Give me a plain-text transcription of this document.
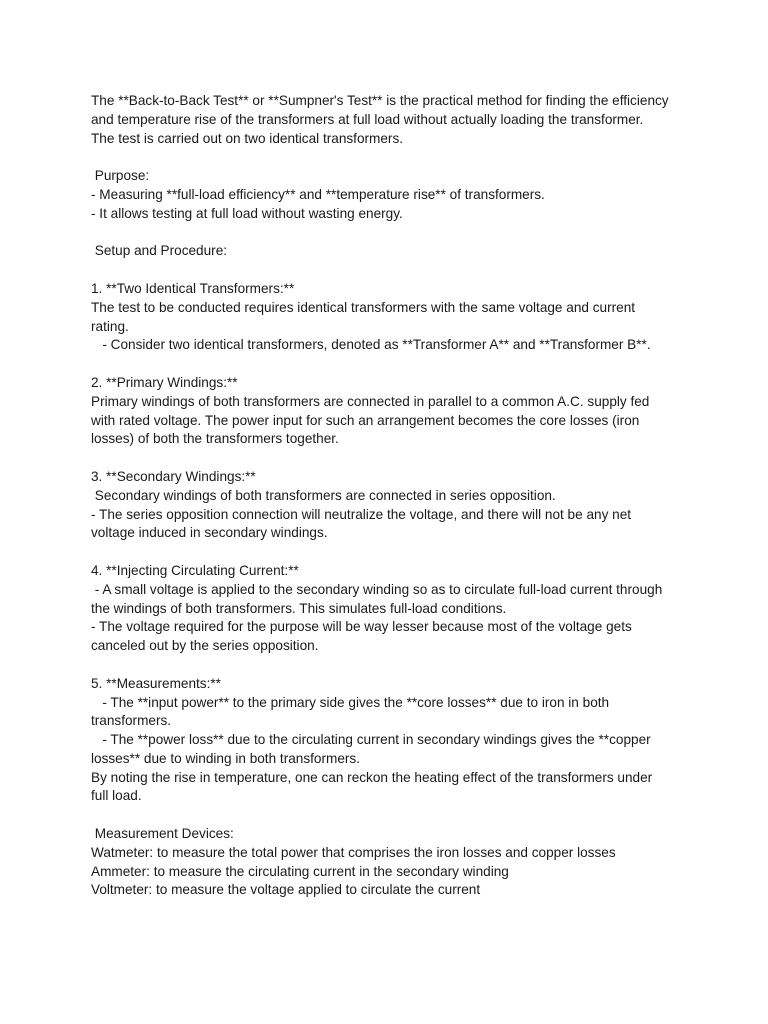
The **Back-to-Back Test** or **Sumpner's Test** is the practical method for finding the efficiency
and temperature rise of the transformers at full load without actually loading the transformer.
The test is carried out on two identical transformers.
Purpose:
- Measuring **full-load efficiency** and **temperature rise** of transformers.
- It allows testing at full load without wasting energy.
Setup and Procedure:
1. **Two Identical Transformers:**
The test to be conducted requires identical transformers with the same voltage and current
rating.
- Consider two identical transformers, denoted as **Transformer A** and **Transformer B**.
2. **Primary Windings:**
Primary windings of both transformers are connected in parallel to a common A.C. supply fed
with rated voltage. The power input for such an arrangement becomes the core losses (iron
losses) of both the transformers together.
3. **Secondary Windings:**
Secondary windings of both transformers are connected in series opposition.
- The series opposition connection will neutralize the voltage, and there will not be any net
voltage induced in secondary windings.
4. **Injecting Circulating Current:**
- A small voltage is applied to the secondary winding so as to circulate full-load current through
the windings of both transformers. This simulates full-load conditions.
- The voltage required for the purpose will be way lesser because most of the voltage gets
canceled out by the series opposition.
5. **Measurements:**
- The **input power** to the primary side gives the **core losses** due to iron in both
transformers.
- The **power loss** due to the circulating current in secondary windings gives the **copper
losses** due to winding in both transformers.
By noting the rise in temperature, one can reckon the heating effect of the transformers under
full load.
Measurement Devices:
Watmeter: to measure the total power that comprises the iron losses and copper losses
Ammeter: to measure the circulating current in the secondary winding
Voltmeter: to measure the voltage applied to circulate the current
